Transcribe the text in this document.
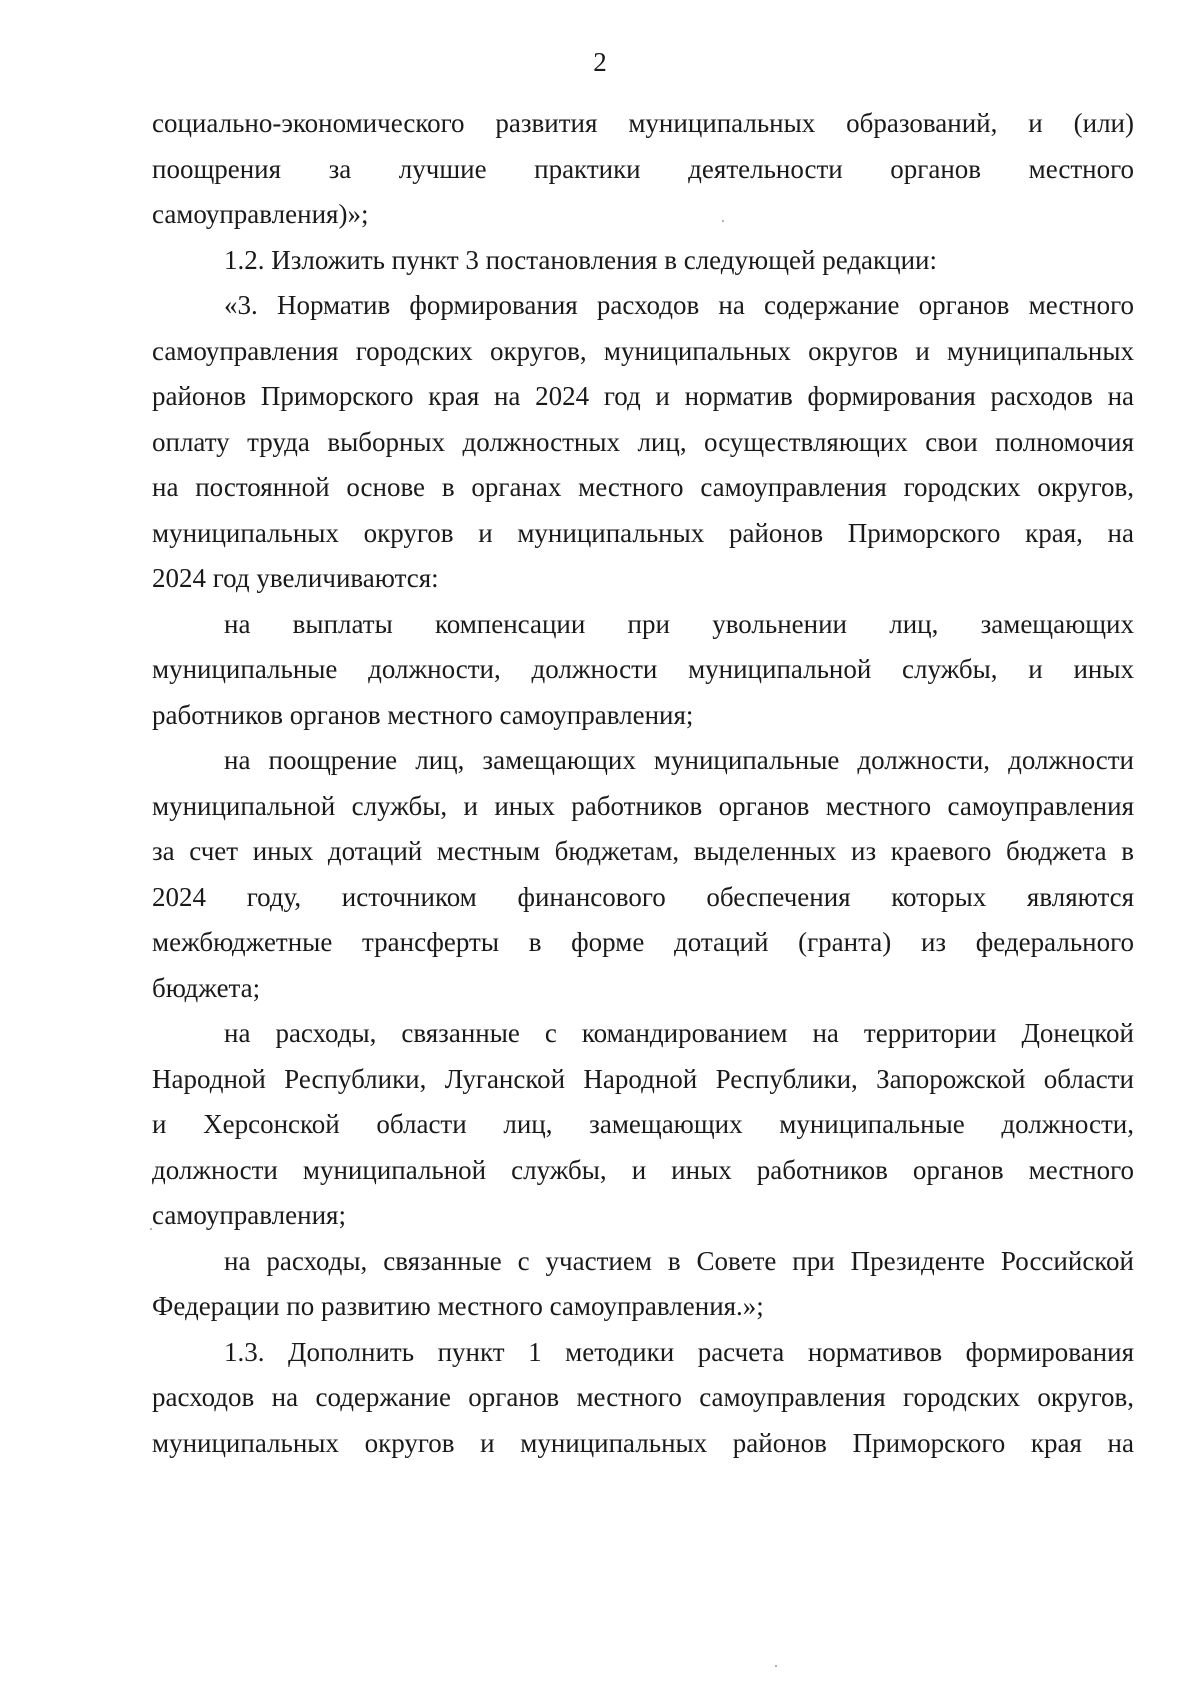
2

социально-экономического развития муниципальных образований, и (или)

поощрения за лучшие практики деятельности органов местного

самоуправления)»;

1.2. Изложить пункт 3 постановления в следующей редакции:

«3. Норматив формирования расходов на содержание органов местного

самоуправления городских округов, муниципальных округов и муниципальных

районов Приморского края на 2024 год и норматив формирования расходов на

оплату труда выборных должностных лиц, осуществляющих свои полномочия

на постоянной основе в органах местного самоуправления городских округов,

муниципальных округов и муниципальных районов Приморского края, на

2024 год увеличиваются:

на выплаты компенсации при увольнении лиц, замещающих

муниципальные должности, должности муниципальной службы, и иных

работников органов местного самоуправления;

на поощрение лиц, замещающих муниципальные должности, должности

муниципальной службы, и иных работников органов местного самоуправления

за счет иных дотаций местным бюджетам, выделенных из краевого бюджета в

2024 году, источником финансового обеспечения которых являются

межбюджетные трансферты в форме дотаций (гранта) из федерального

бюджета;

на расходы, связанные с командированием на территории Донецкой

Народной Республики, Луганской Народной Республики, Запорожской области

и Херсонской области лиц, замещающих муниципальные должности,

должности муниципальной службы, и иных работников органов местного

самоуправления;

на расходы, связанные с участием в Совете при Президенте Российской

Федерации по развитию местного самоуправления.»;

1.3. Дополнить пункт 1 методики расчета нормативов формирования

расходов на содержание органов местного самоуправления городских округов,

муниципальных округов и муниципальных районов Приморского края на
